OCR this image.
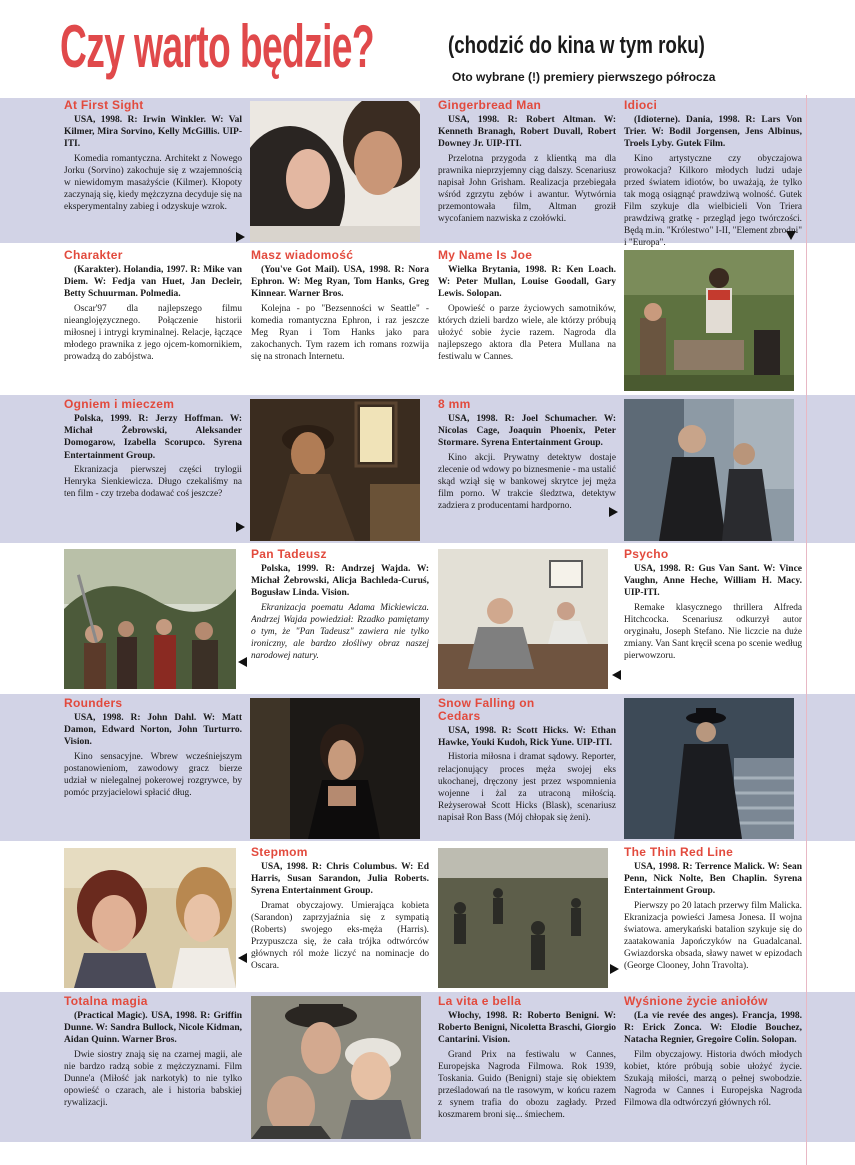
Czy warto będzie?	(chodzić do kina w tym roku)
Oto wybrane (!) premiery pierwszego półrocza
At First Sight

USA, 1998. R: Irwin Winkler. W: Val Kilmer, Mira Sorvino, Kelly McGillis. UIP-ITI.

Komedia romantyczna. Architekt z Nowego Jorku (Sorvino) zakochuje się z wzajemnością w niewidomym masażyście (Kilmer). Kłopoty zaczynają się, kiedy mężczyzna decyduje się na eksperymentalny zabieg i odzyskuje wzrok.

Gingerbread Man

USA, 1998. R: Robert Altman. W: Kenneth Branagh, Robert Duvall, Robert Downey Jr. UIP-ITI.

Przelotna przygoda z klientką ma dla prawnika nieprzyjemny ciąg dalszy. Scenariusz napisał John Grisham. Realizacja przebiegała wśród zgrzytu zębów i awantur. Wytwórnia przemontowała film, Altman groził wycofaniem nazwiska z czołówki.

Idioci

(Idioterne). Dania, 1998. R: Lars Von Trier. W: Bodil Jorgensen, Jens Albinus, Troels Lyby. Gutek Film.

Kino artystyczne czy obyczajowa prowokacja? Kilkoro młodych ludzi udaje przed światem idiotów, bo uważają, że tylko tak mogą osiągnąć prawdziwą wolność. Gutek Film szykuje dla wielbicieli Von Triera prawdziwą gratkę - przegląd jego twórczości. Będą m.in. "Królestwo" I-II, "Element zbrodni" i "Europa".

Charakter

(Karakter). Holandia, 1997. R: Mike van Diem. W: Fedja van Huet, Jan Decleir, Betty Schuurman. Polmedia.

Oscar'97 dla najlepszego filmu nieanglojęzycznego. Połączenie historii miłosnej i intrygi kryminalnej. Relacje, łączące młodego prawnika z jego ojcem-komornikiem, prowadzą do zabójstwa.

Masz wiadomość

(You've Got Mail). USA, 1998. R: Nora Ephron. W: Meg Ryan, Tom Hanks, Greg Kinnear. Warner Bros.

Kolejna - po "Bezsenności w Seattle" - komedia romantyczna Ephron, i raz jeszcze Meg Ryan i Tom Hanks jako para zakochanych. Tym razem ich romans rozwija się na stronach Internetu.

My Name Is Joe

Wielka Brytania, 1998. R: Ken Loach. W: Peter Mullan, Louise Goodall, Gary Lewis. Solopan.

Opowieść o parze życiowych samotników, których dzieli bardzo wiele, ale którzy próbują ułożyć sobie życie razem. Nagroda dla najlepszego aktora dla Petera Mullana na festiwalu w Cannes.

Ogniem i mieczem

Polska, 1999. R: Jerzy Hoffman. W: Michał Żebrowski, Aleksander Domogarow, Izabella Scorupco. Syrena Entertainment Group.

Ekranizacja pierwszej części trylogii Henryka Sienkiewicza. Długo czekaliśmy na ten film - czy trzeba dodawać coś jeszcze?

8 mm

USA, 1998. R: Joel Schumacher. W: Nicolas Cage, Joaquin Phoenix, Peter Stormare. Syrena Entertainment Group.

Kino akcji. Prywatny detektyw dostaje zlecenie od wdowy po biznesmenie - ma ustalić skąd wziął się w bankowej skrytce jej męża film porno. W trakcie śledztwa, detektyw zadziera z producentami hardporno.

Pan Tadeusz

Polska, 1999. R: Andrzej Wajda. W: Michał Żebrowski, Alicja Bachleda-Curuś, Bogusław Linda. Vision.

Ekranizacja poematu Adama Mickiewicza. Andrzej Wajda powiedział: Rzadko pamiętamy o tym, że "Pan Tadeusz" zawiera nie tylko ironiczny, ale bardzo złośliwy obraz naszej narodowej natury.

Psycho

USA, 1998. R: Gus Van Sant. W: Vince Vaughn, Anne Heche, William H. Macy. UIP-ITI.

Remake klasycznego thrillera Alfreda Hitchcocka. Scenariusz odkurzył autor oryginału, Joseph Stefano. Nie liczcie na duże zmiany. Van Sant kręcił scena po scenie według pierwowzoru.

Rounders

USA, 1998. R: John Dahl. W: Matt Damon, Edward Norton, John Turturro. Vision.

Kino sensacyjne. Wbrew wcześniejszym postanowieniom, zawodowy gracz bierze udział w nielegalnej pokerowej rozgrywce, by pomóc przyjacielowi spłacić dług.

Snow Falling on Cedars

USA, 1998. R: Scott Hicks. W: Ethan Hawke, Youki Kudoh, Rick Yune. UIP-ITI.

Historia miłosna i dramat sądowy. Reporter, relacjonujący proces męża swojej eks ukochanej, dręczony jest przez wspomnienia wojenne i żal za utraconą miłością. Reżyserował Scott Hicks (Blask), scenariusz napisał Ron Bass (Mój chłopak się żeni).

Stepmom

USA, 1998. R: Chris Columbus. W: Ed Harris, Susan Sarandon, Julia Roberts. Syrena Entertainment Group.

Dramat obyczajowy. Umierająca kobieta (Sarandon) zaprzyjaźnia się z sympatią (Roberts) swojego eks-męża (Harris). Przypuszcza się, że cała trójka odtwórców głównych ról może liczyć na nominacje do Oscara.

The Thin Red Line

USA, 1998. R: Terrence Malick. W: Sean Penn, Nick Nolte, Ben Chaplin. Syrena Entertainment Group.

Pierwszy po 20 latach przerwy film Malicka. Ekranizacja powieści Jamesa Jonesa. II wojna światowa. amerykański batalion szykuje się do zaatakowania Japończyków na Guadalcanal. Gwiazdorska obsada, sławy nawet w epizodach (George Clooney, John Travolta).

Totalna magia

(Practical Magic). USA, 1998. R: Griffin Dunne. W: Sandra Bullock, Nicole Kidman, Aidan Quinn. Warner Bros.

Dwie siostry znają się na czarnej magii, ale nie bardzo radzą sobie z mężczyznami. Film Dunne'a (Miłość jak narkotyk) to nie tylko opowieść o czarach, ale i historia babskiej rywalizacji.

La vita e bella

Włochy, 1998. R: Roberto Benigni. W: Roberto Benigni, Nicoletta Braschi, Giorgio Cantarini. Vision.

Grand Prix na festiwalu w Cannes, Europejska Nagroda Filmowa. Rok 1939, Toskania. Guido (Benigni) staje się obiektem prześladowań na tle rasowym, w końcu razem z synem trafia do obozu zagłady. Przed koszmarem broni się... śmiechem.

Wyśnione życie aniołów

(La vie revée des anges). Francja, 1998. R: Erick Zonca. W: Elodie Bouchez, Natacha Regnier, Gregoire Colin. Solopan.

Film obyczajowy. Historia dwóch młodych kobiet, które próbują sobie ułożyć życie. Szukają miłości, marzą o pełnej swobodzie. Nagroda w Cannes i Europejska Nagroda Filmowa dla odtwórczyń głównych ról.
